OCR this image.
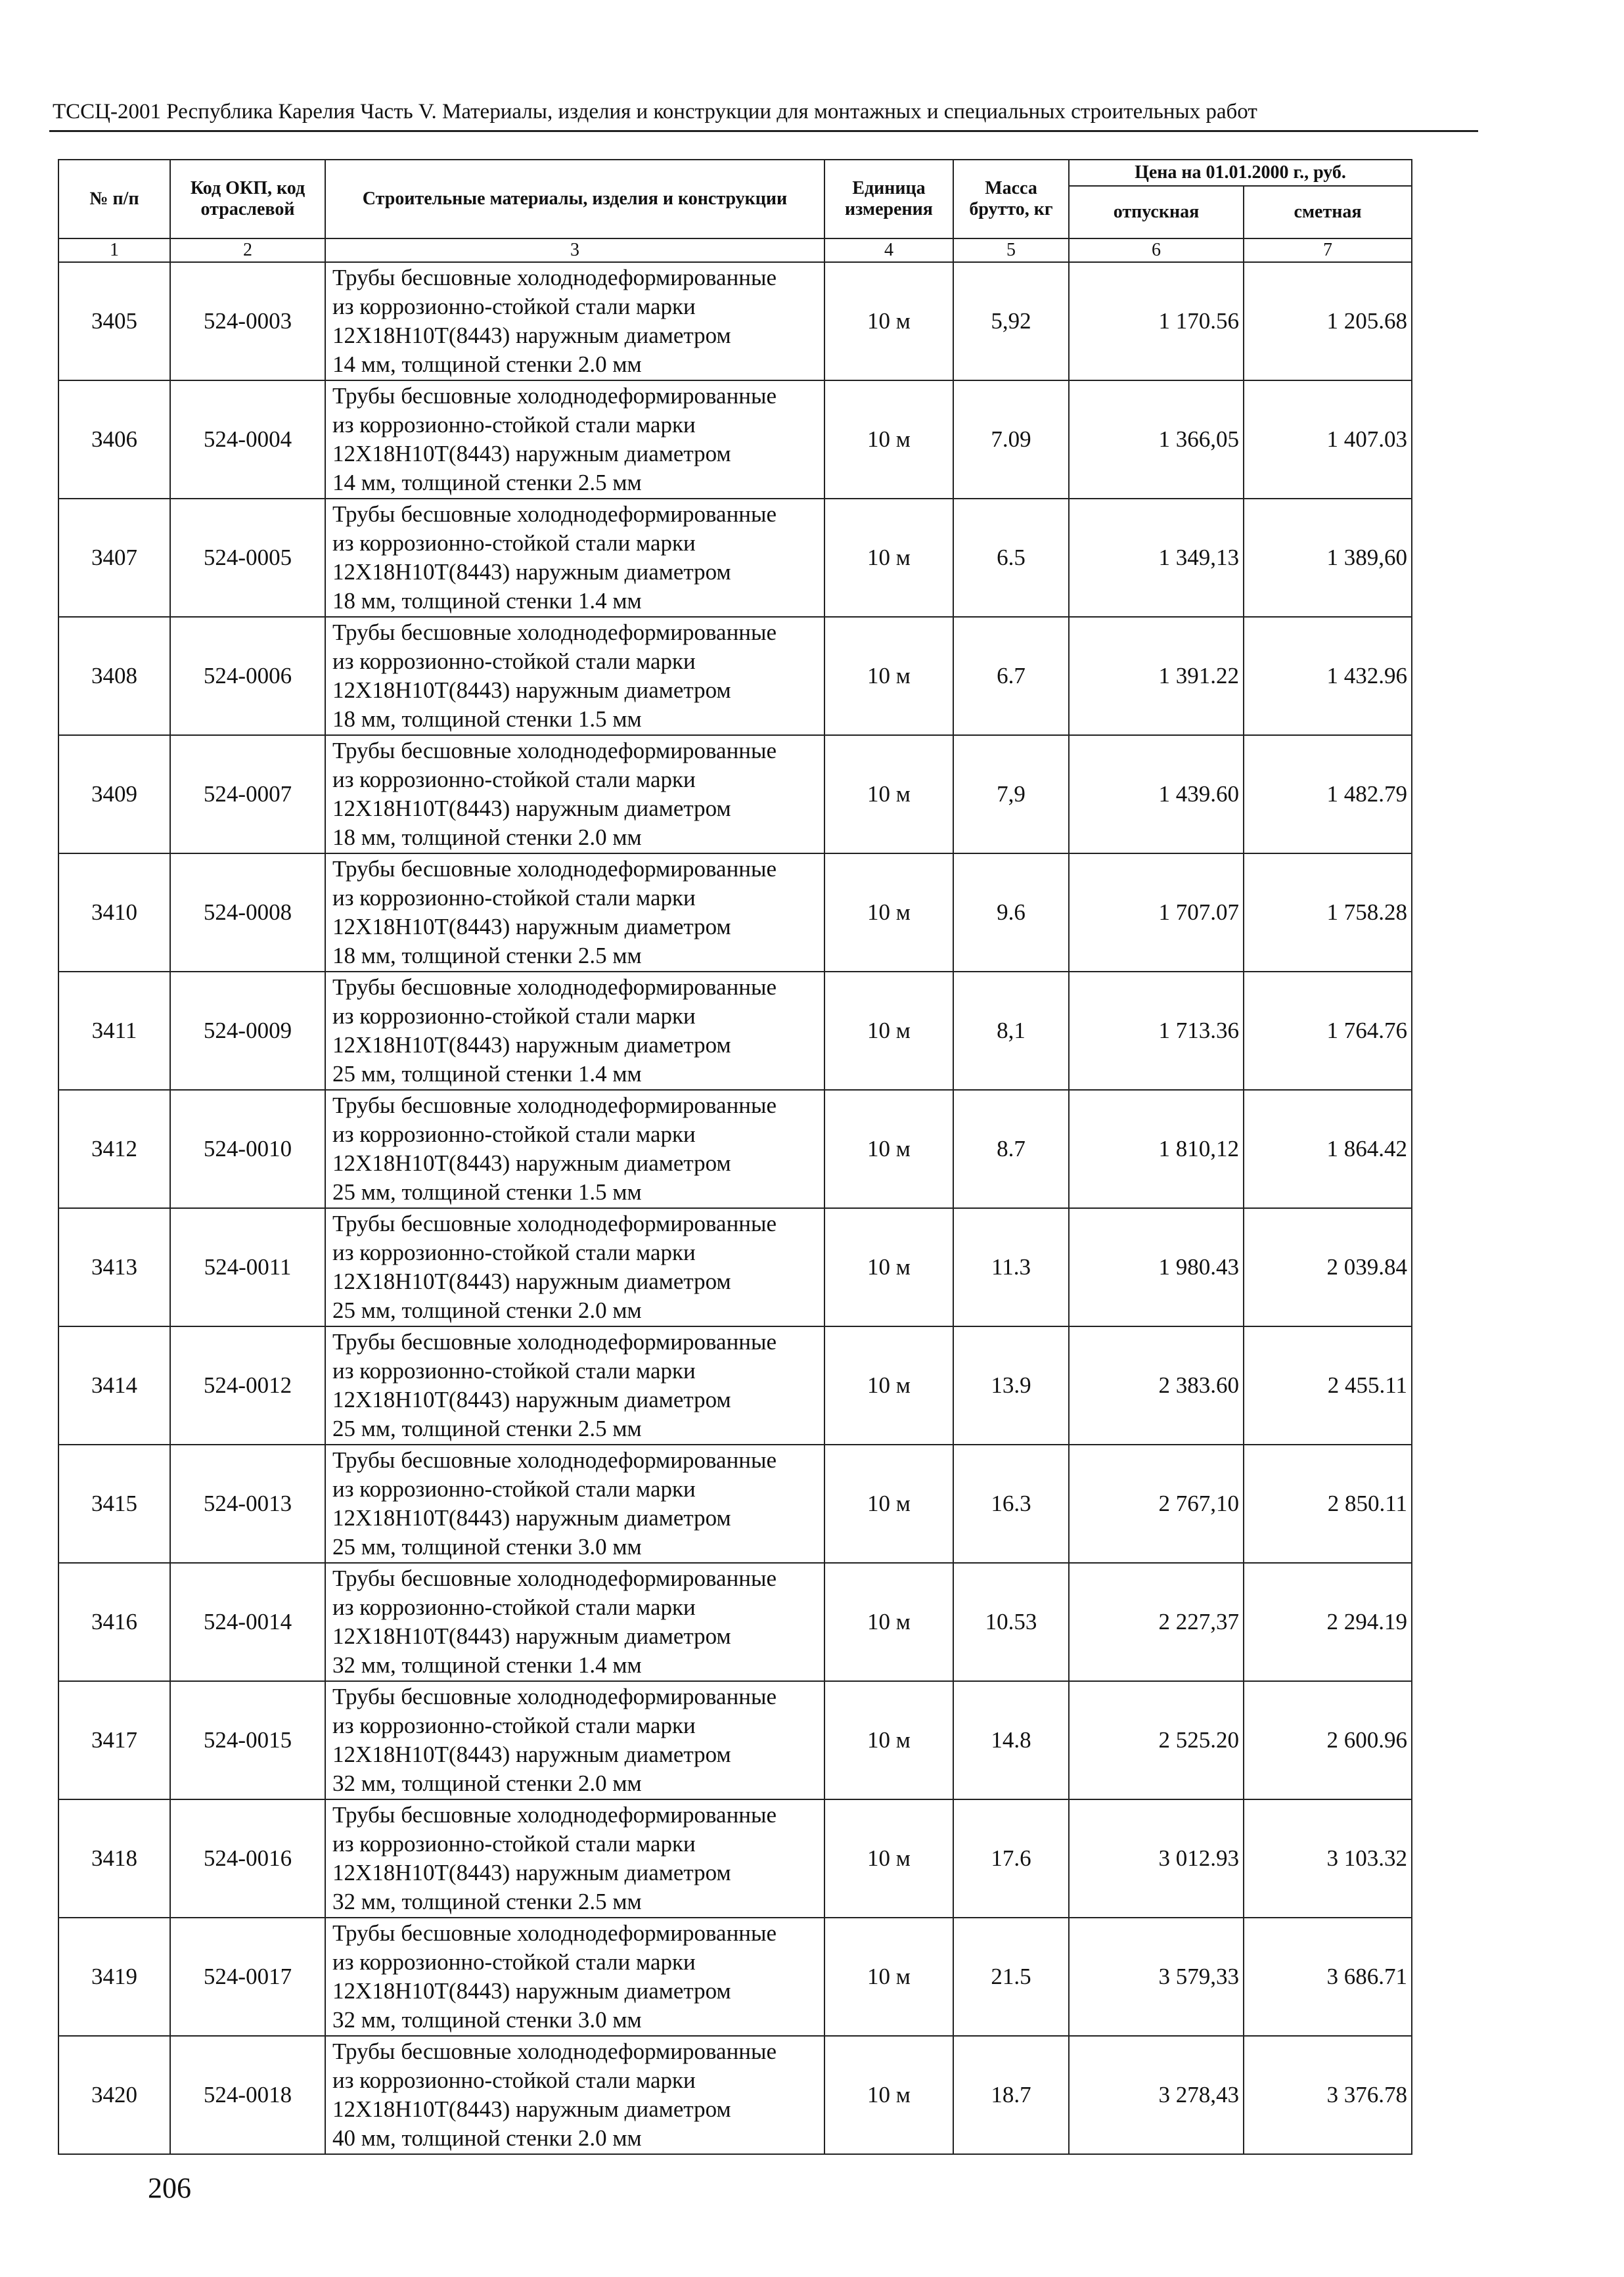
ТССЦ-2001 Республика Карелия Часть V. Материалы, изделия и конструкции для монтажных и специальных строительных работ
№ п/п	Код ОКП, код отраслевой	Строительные материалы, изделия и конструкции	Единица измерения	Масса брутто, кг	Цена на 01.01.2000 г., руб.	
					отпускная	сметная
1	2	3	4	5	6	7
3405	524-0003	Трубы бесшовные холоднодеформированные
из коррозионно-стойкой стали марки
12Х18Н10Т(8443) наружным диаметром
14 мм, толщиной стенки 2.0 мм	10 м	5,92	1 170.56	1 205.68
3406	524-0004	Трубы бесшовные холоднодеформированные
из коррозионно-стойкой стали марки
12Х18Н10Т(8443) наружным диаметром
14 мм, толщиной стенки 2.5 мм	10 м	7.09	1 366,05	1 407.03
3407	524-0005	Трубы бесшовные холоднодеформированные
из коррозионно-стойкой стали марки
12Х18Н10Т(8443) наружным диаметром
18 мм, толщиной стенки 1.4 мм	10 м	6.5	1 349,13	1 389,60
3408	524-0006	Трубы бесшовные холоднодеформированные
из коррозионно-стойкой стали марки
12Х18Н10Т(8443) наружным диаметром
18 мм, толщиной стенки 1.5 мм	10 м	6.7	1 391.22	1 432.96
3409	524-0007	Трубы бесшовные холоднодеформированные
из коррозионно-стойкой стали марки
12Х18Н10Т(8443) наружным диаметром
18 мм, толщиной стенки 2.0 мм	10 м	7,9	1 439.60	1 482.79
3410	524-0008	Трубы бесшовные холоднодеформированные
из коррозионно-стойкой стали марки
12Х18Н10Т(8443) наружным диаметром
18 мм, толщиной стенки 2.5 мм	10 м	9.6	1 707.07	1 758.28
3411	524-0009	Трубы бесшовные холоднодеформированные
из коррозионно-стойкой стали марки
12Х18Н10Т(8443) наружным диаметром
25 мм, толщиной стенки 1.4 мм	10 м	8,1	1 713.36	1 764.76
3412	524-0010	Трубы бесшовные холоднодеформированные
из коррозионно-стойкой стали марки
12Х18Н10Т(8443) наружным диаметром
25 мм, толщиной стенки 1.5 мм	10 м	8.7	1 810,12	1 864.42
3413	524-0011	Трубы бесшовные холоднодеформированные
из коррозионно-стойкой стали марки
12Х18Н10Т(8443) наружным диаметром
25 мм, толщиной стенки 2.0 мм	10 м	11.3	1 980.43	2 039.84
3414	524-0012	Трубы бесшовные холоднодеформированные
из коррозионно-стойкой стали марки
12Х18Н10Т(8443) наружным диаметром
25 мм, толщиной стенки 2.5 мм	10 м	13.9	2 383.60	2 455.11
3415	524-0013	Трубы бесшовные холоднодеформированные
из коррозионно-стойкой стали марки
12Х18Н10Т(8443) наружным диаметром
25 мм, толщиной стенки 3.0 мм	10 м	16.3	2 767,10	2 850.11
3416	524-0014	Трубы бесшовные холоднодеформированные
из коррозионно-стойкой стали марки
12Х18Н10Т(8443) наружным диаметром
32 мм, толщиной стенки 1.4 мм	10 м	10.53	2 227,37	2 294.19
3417	524-0015	Трубы бесшовные холоднодеформированные
из коррозионно-стойкой стали марки
12Х18Н10Т(8443) наружным диаметром
32 мм, толщиной стенки 2.0 мм	10 м	14.8	2 525.20	2 600.96
3418	524-0016	Трубы бесшовные холоднодеформированные
из коррозионно-стойкой стали марки
12Х18Н10Т(8443) наружным диаметром
32 мм, толщиной стенки 2.5 мм	10 м	17.6	3 012.93	3 103.32
3419	524-0017	Трубы бесшовные холоднодеформированные
из коррозионно-стойкой стали марки
12Х18Н10Т(8443) наружным диаметром
32 мм, толщиной стенки 3.0 мм	10 м	21.5	3 579,33	3 686.71
3420	524-0018	Трубы бесшовные холоднодеформированные
из коррозионно-стойкой стали марки
12Х18Н10Т(8443) наружным диаметром
40 мм, толщиной стенки 2.0 мм	10 м	18.7	3 278,43	3 376.78
206
